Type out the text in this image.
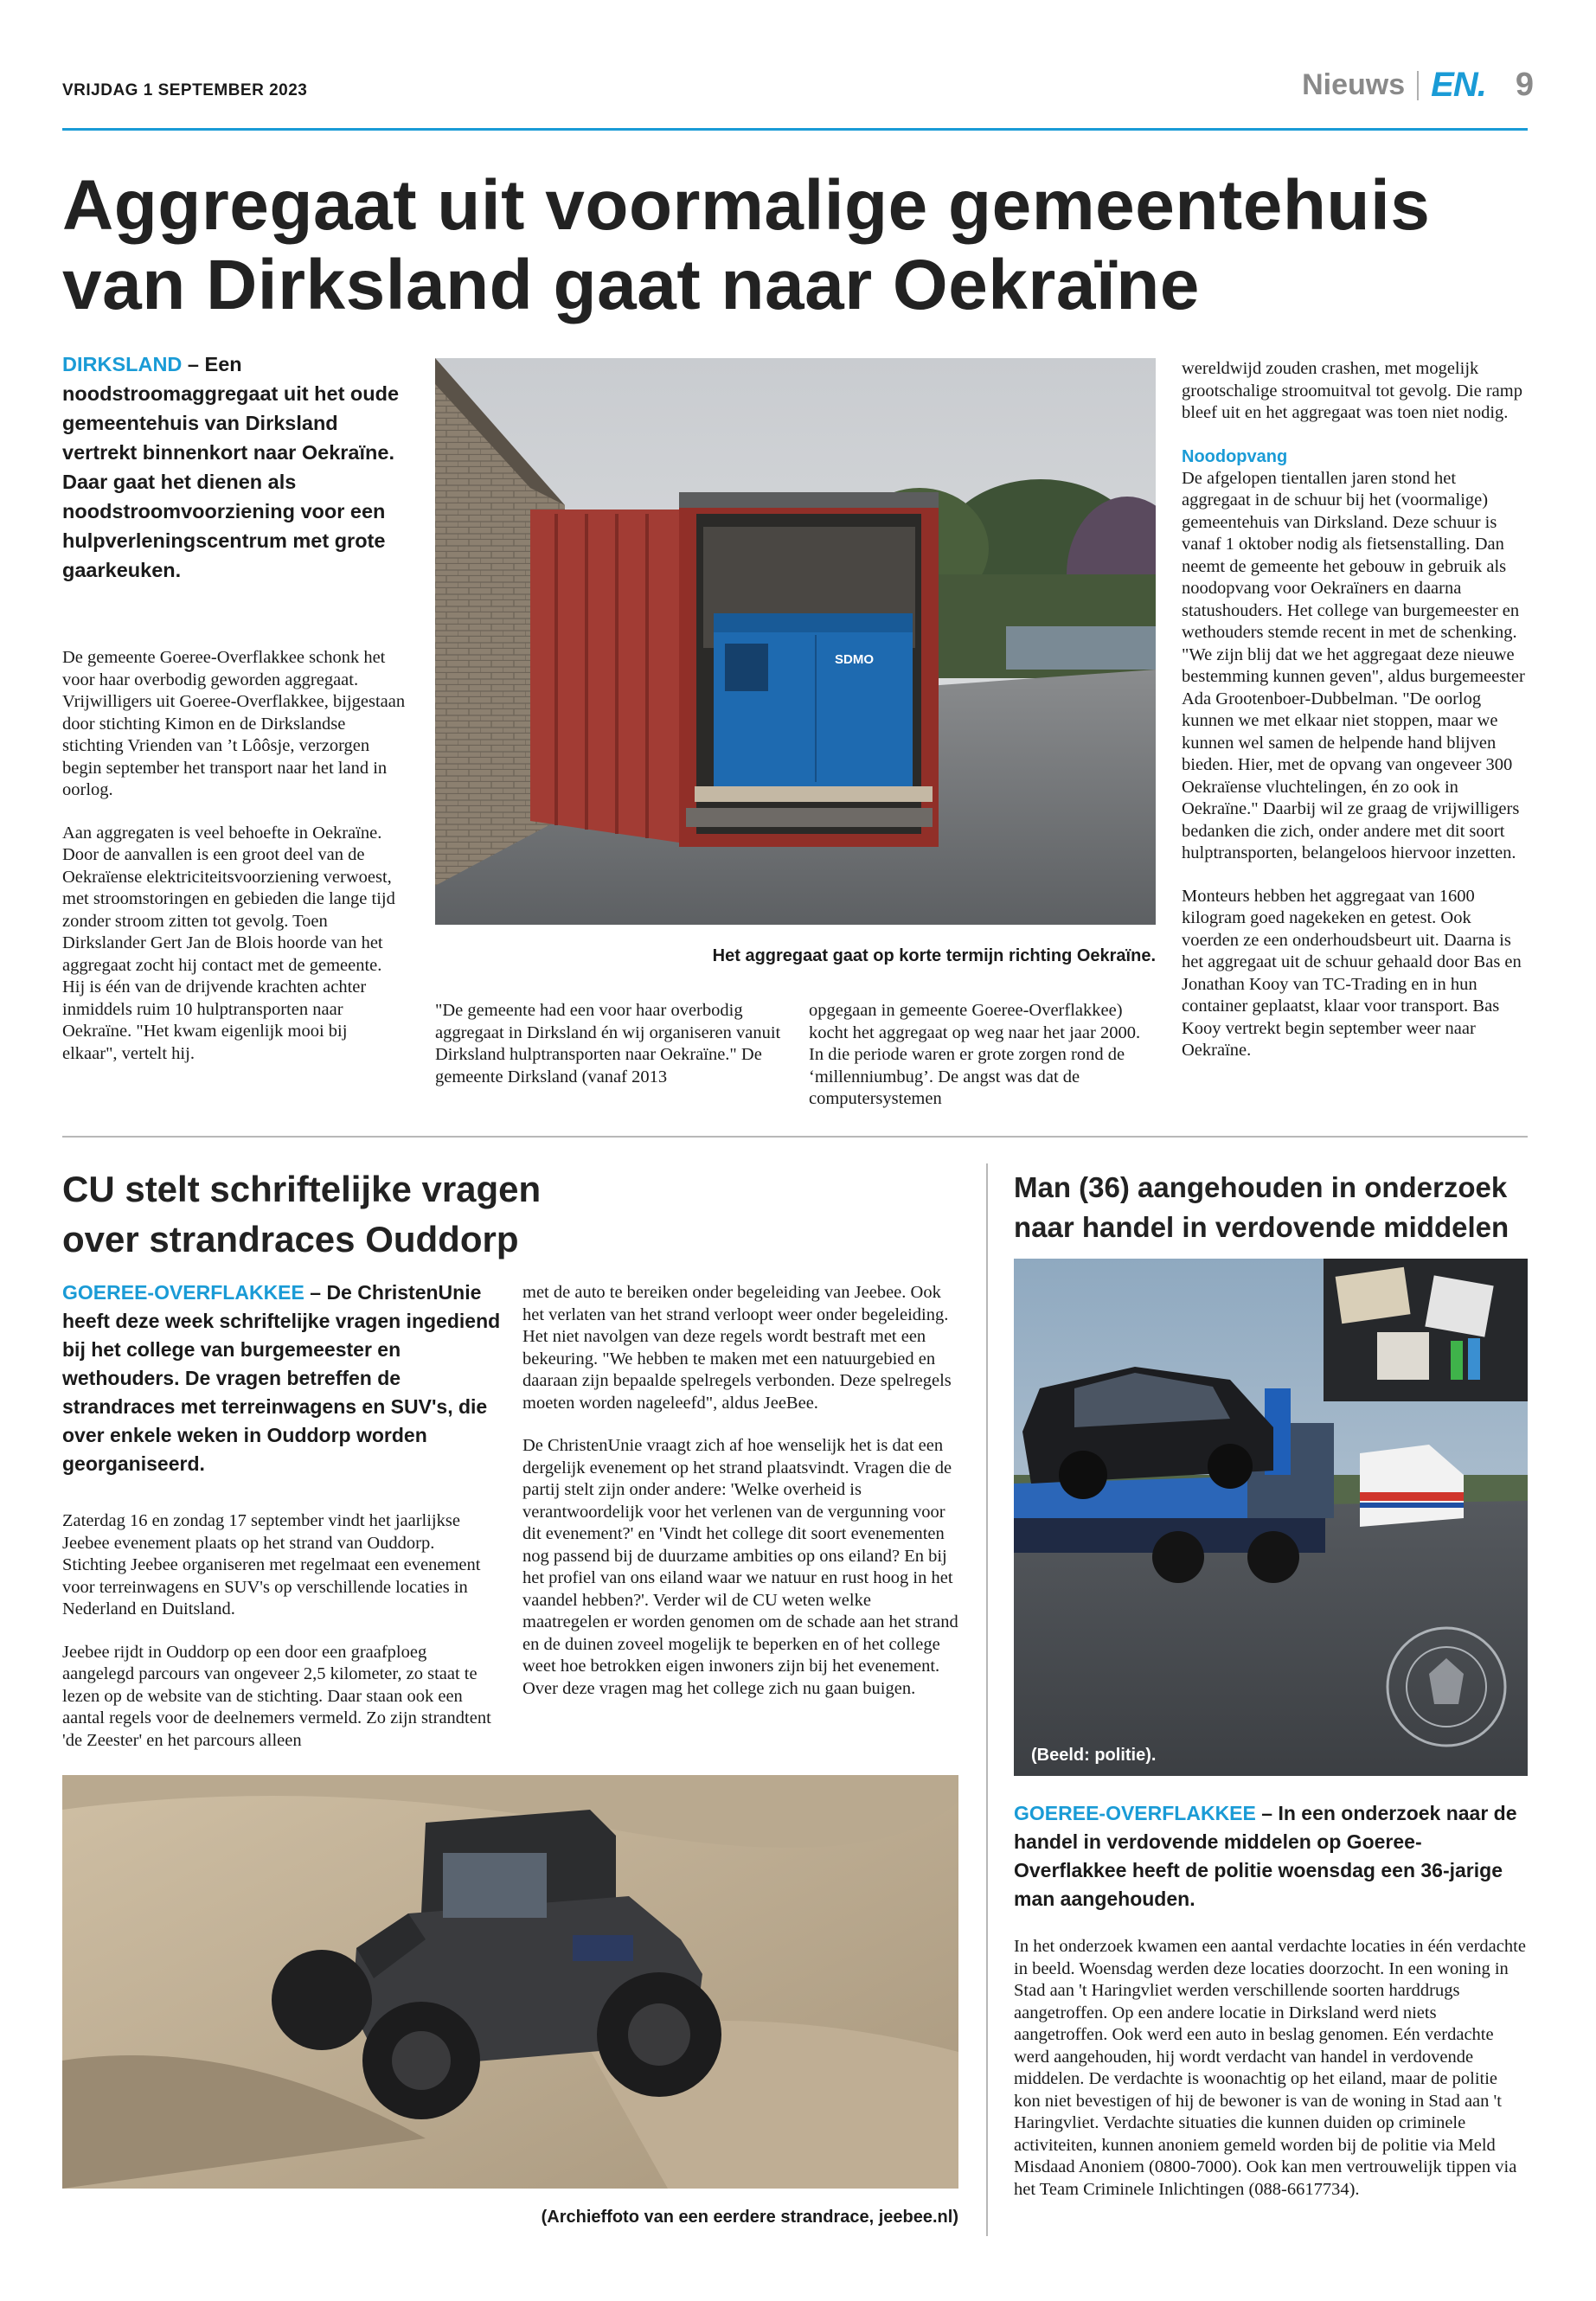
VRIJDAG 1 SEPTEMBER 2023	Nieuws EN. 9
Aggregaat uit voormalige gemeentehuis
van Dirksland gaat naar Oekraïne
DIRKSLAND – Een noodstroomaggregaat uit het oude gemeentehuis van Dirksland vertrekt binnenkort naar Oekraïne. Daar gaat het dienen als noodstroomvoorziening voor een hulpverleningscentrum met grote gaarkeuken.

De gemeente Goeree-Overflakkee schonk het voor haar overbodig geworden aggregaat. Vrijwilligers uit Goeree-Overflakkee, bijgestaan door stichting Kimon en de Dirkslandse stichting Vrienden van ’t Lôôsje, verzorgen begin september het transport naar het land in oorlog.

Aan aggregaten is veel behoefte in Oekraïne. Door de aanvallen is een groot deel van de Oekraïense elektriciteitsvoorziening verwoest, met stroomstoringen en gebieden die lange tijd zonder stroom zitten tot gevolg. Toen Dirkslander Gert Jan de Blois hoorde van het aggregaat zocht hij contact met de gemeente. Hij is één van de drijvende krachten achter inmiddels ruim 10 hulptransporten naar Oekraïne. "Het kwam eigenlijk mooi bij elkaar", vertelt hij.

SDMO
Het aggregaat gaat op korte termijn richting Oekraïne.

"De gemeente had een voor haar overbodig aggregaat in Dirksland én wij organiseren vanuit Dirksland hulptransporten naar Oekraïne." De gemeente Dirksland (vanaf 2013

opgegaan in gemeente Goeree-Overflakkee) kocht het aggregaat op weg naar het jaar 2000. In die periode waren er grote zorgen rond de ‘millenniumbug’. De angst was dat de computersystemen

wereldwijd zouden crashen, met mogelijk grootschalige stroomuitval tot gevolg. Die ramp bleef uit en het aggregaat was toen niet nodig.

Noodopvang

De afgelopen tientallen jaren stond het aggregaat in de schuur bij het (voormalige) gemeentehuis van Dirksland. Deze schuur is vanaf 1 oktober nodig als fietsenstalling. Dan neemt de gemeente het gebouw in gebruik als noodopvang voor Oekraïners en daarna statushouders. Het college van burgemeester en wethouders stemde recent in met de schenking. "We zijn blij dat we het aggregaat deze nieuwe bestemming kunnen geven", aldus burgemeester Ada Grootenboer-Dubbelman. "De oorlog kunnen we met elkaar niet stoppen, maar we kunnen wel samen de helpende hand blijven bieden. Hier, met de opvang van ongeveer 300 Oekraïense vluchtelingen, én zo ook in Oekraïne." Daarbij wil ze graag de vrijwilligers bedanken die zich, onder andere met dit soort hulptransporten, belangeloos hiervoor inzetten.

Monteurs hebben het aggregaat van 1600 kilogram goed nagekeken en getest. Ook voerden ze een onderhoudsbeurt uit. Daarna is het aggregaat uit de schuur gehaald door Bas en Jonathan Kooy van TC-Trading en in hun container geplaatst, klaar voor transport. Bas Kooy vertrekt begin september weer naar Oekraïne.

CU stelt schriftelijke vragen
over strandraces Ouddorp
GOEREE-OVERFLAKKEE – De ChristenUnie heeft deze week schriftelijke vragen ingediend bij het college van burgemeester en wethouders. De vragen betreffen de strandraces met terreinwagens en SUV's, die over enkele weken in Ouddorp worden georganiseerd.

Zaterdag 16 en zondag 17 september vindt het jaarlijkse Jeebee evenement plaats op het strand van Ouddorp. Stichting Jeebee organiseren met regelmaat een evenement voor terreinwagens en SUV's op verschillende locaties in Nederland en Duitsland.

Jeebee rijdt in Ouddorp op een door een graafploeg aangelegd parcours van ongeveer 2,5 kilometer, zo staat te lezen op de website van de stichting. Daar staan ook een aantal regels voor de deelnemers vermeld. Zo zijn strandtent 'de Zeester' en het parcours alleen

met de auto te bereiken onder begeleiding van Jeebee. Ook het verlaten van het strand verloopt weer onder begeleiding. Het niet navolgen van deze regels wordt bestraft met een bekeuring. "We hebben te maken met een natuurgebied en daaraan zijn bepaalde spelregels verbonden. Deze spelregels moeten worden nageleefd", aldus JeeBee.

De ChristenUnie vraagt zich af hoe wenselijk het is dat een dergelijk evenement op het strand plaatsvindt. Vragen die de partij stelt zijn onder andere: 'Welke overheid is verantwoordelijk voor het verlenen van de vergunning voor dit evenement?' en 'Vindt het college dit soort evenementen nog passend bij de duurzame ambities op ons eiland? En bij het profiel van ons eiland waar we natuur en rust hoog in het vaandel hebben?'. Verder wil de CU weten welke maatregelen er worden genomen om de schade aan het strand en de duinen zoveel mogelijk te beperken en of het college weet hoe betrokken eigen inwoners zijn bij het evenement. Over deze vragen mag het college zich nu gaan buigen.

(Archieffoto van een eerdere strandrace, jeebee.nl)
Man (36) aangehouden in onderzoek
naar handel in verdovende middelen
(Beeld: politie).
GOEREE-OVERFLAKKEE – In een onderzoek naar de handel in verdovende middelen op Goeree-Overflakkee heeft de politie woensdag een 36-jarige man aangehouden.

In het onderzoek kwamen een aantal verdachte locaties in één verdachte in beeld. Woensdag werden deze locaties doorzocht. In een woning in Stad aan 't Haringvliet werden verschillende soorten harddrugs aangetroffen. Op een andere locatie in Dirksland werd niets aangetroffen. Ook werd een auto in beslag genomen. Eén verdachte werd aangehouden, hij wordt verdacht van handel in verdovende middelen. De verdachte is woonachtig op het eiland, maar de politie kon niet bevestigen of hij de bewoner is van de woning in Stad aan 't Haringvliet. Verdachte situaties die kunnen duiden op criminele activiteiten, kunnen anoniem gemeld worden bij de politie via Meld Misdaad Anoniem (0800-7000). Ook kan men vertrouwelijk tippen via het Team Criminele Inlichtingen (088-6617734).
